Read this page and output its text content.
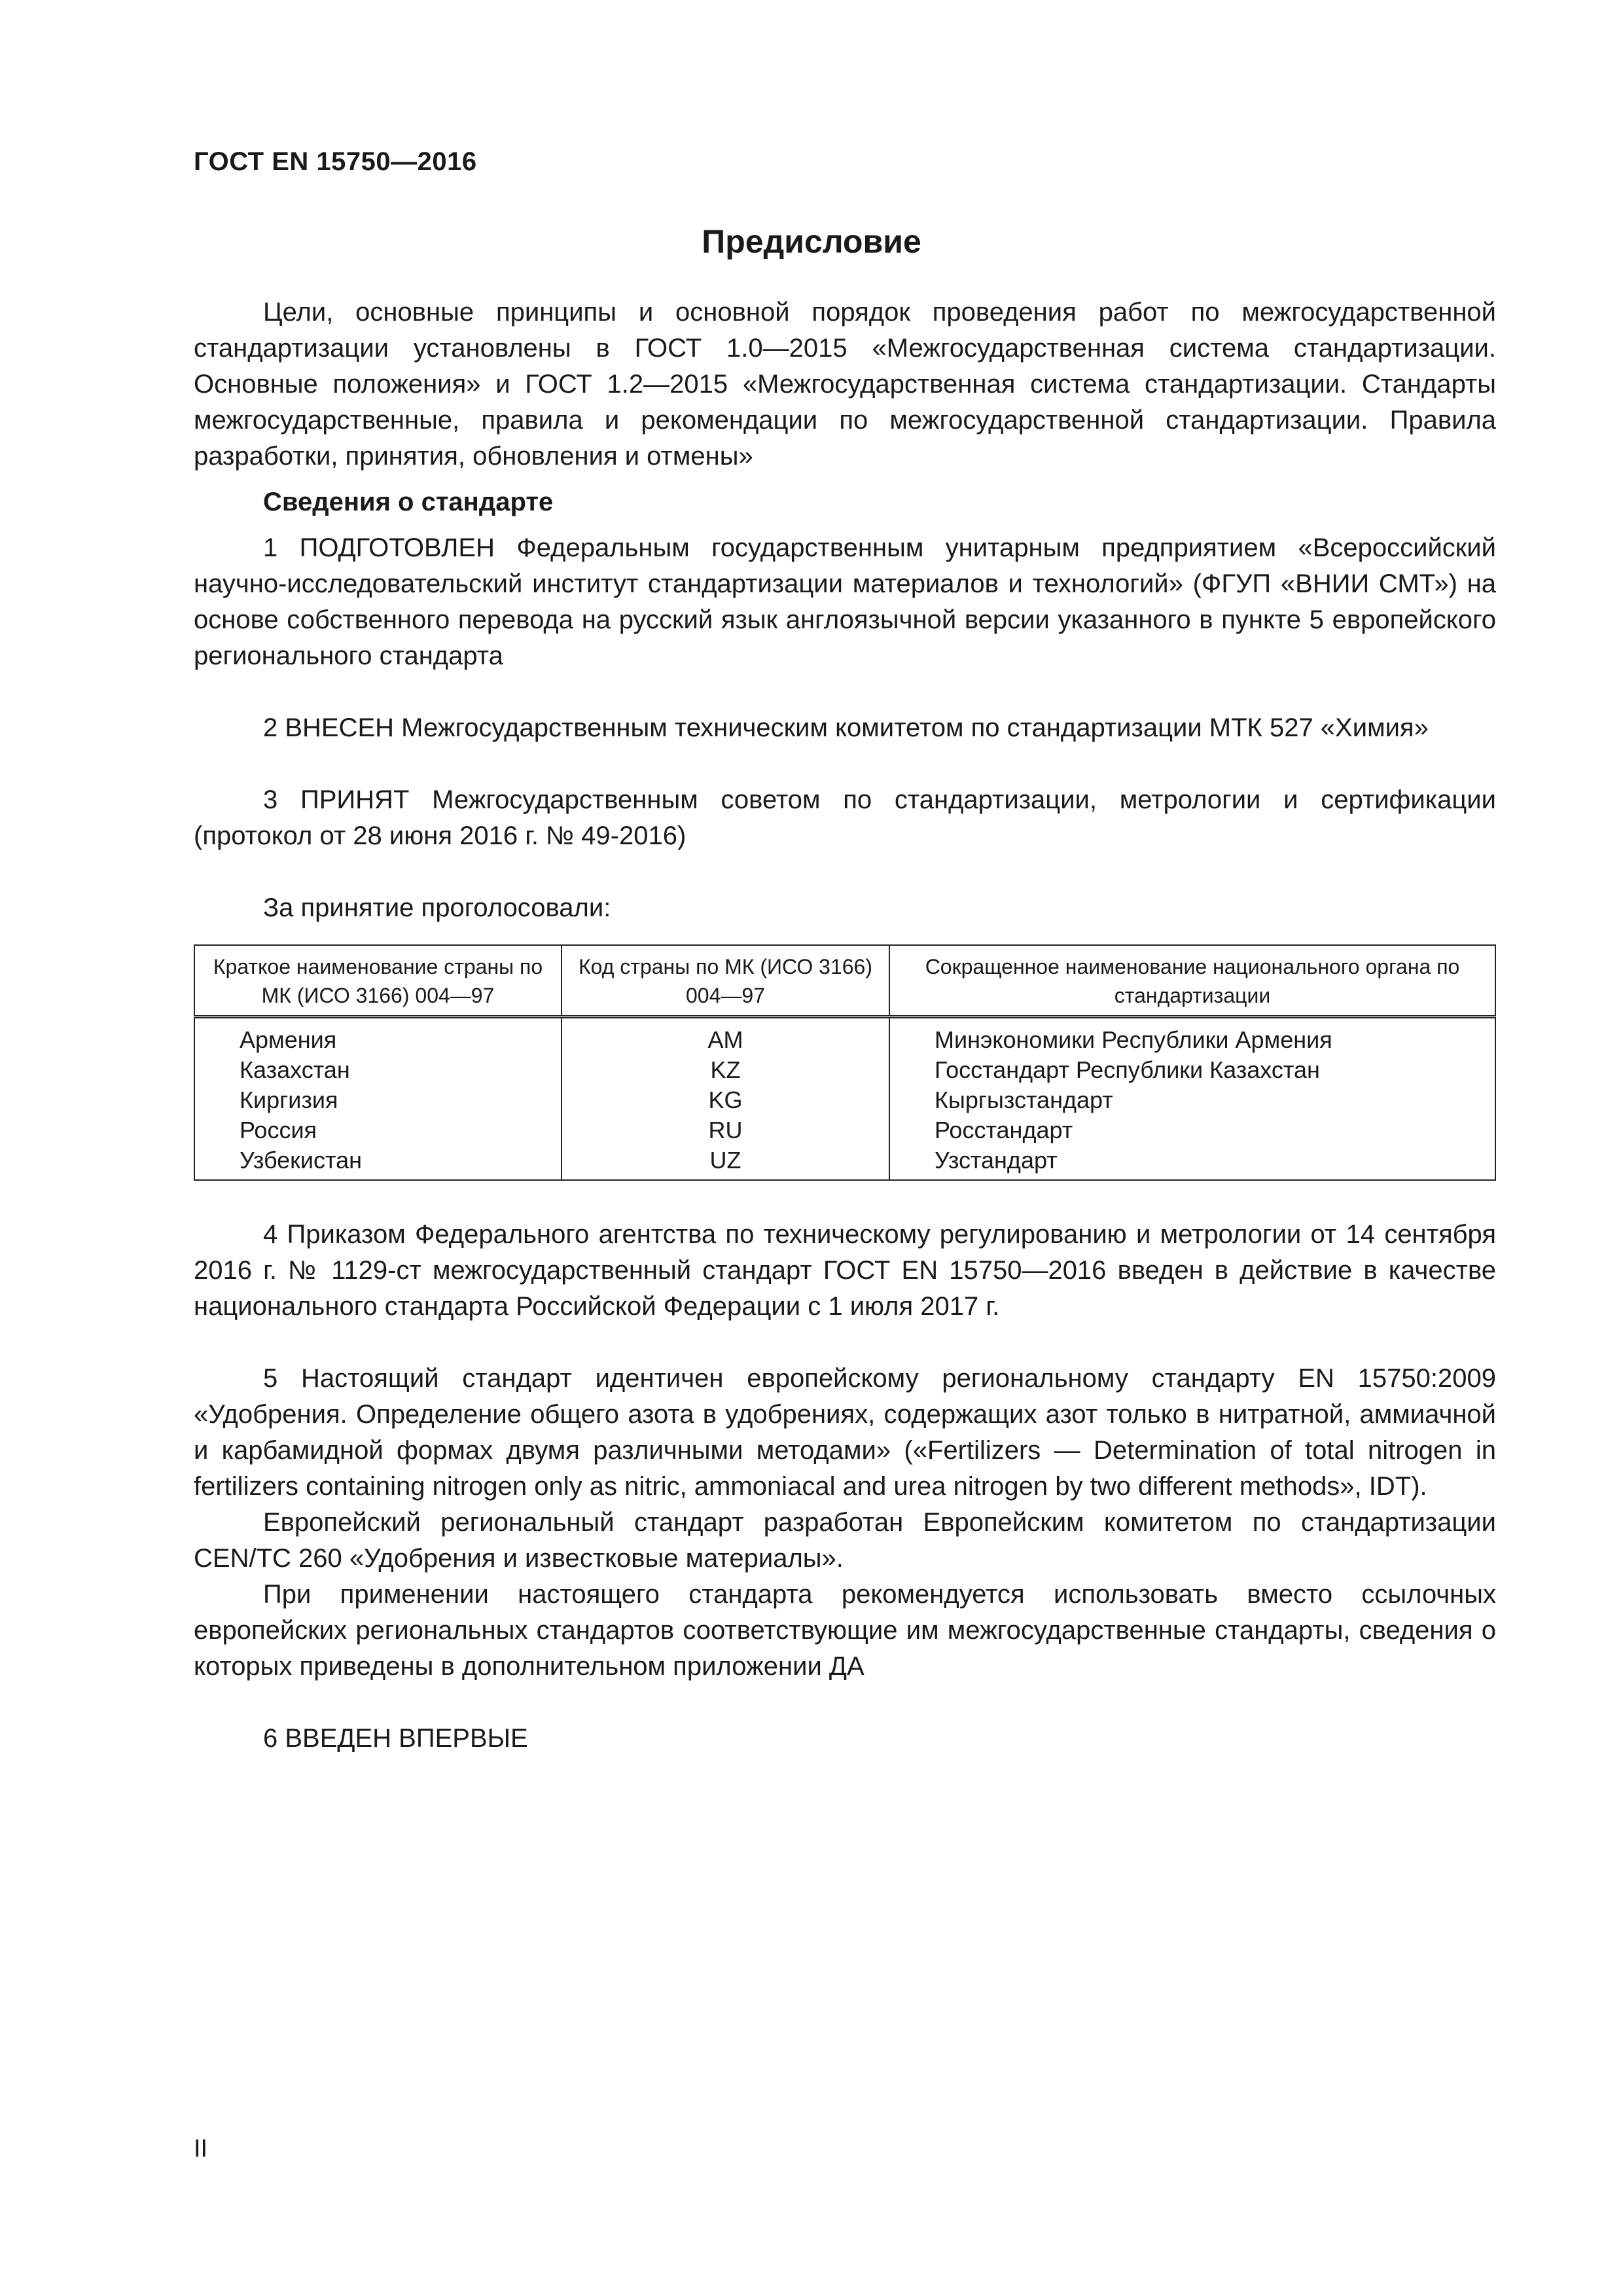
ГОСТ EN 15750—2016
Предисловие

Цели, основные принципы и основной порядок проведения работ по межгосударственной стандартизации установлены в ГОСТ 1.0—2015 «Межгосударственная система стандартизации. Основные положения» и ГОСТ 1.2—2015 «Межгосударственная система стандартизации. Стандарты межгосударственные, правила и рекомендации по межгосударственной стандартизации. Правила разработки, принятия, обновления и отмены»

Сведения о стандарте

1 ПОДГОТОВЛЕН Федеральным государственным унитарным предприятием «Всероссийский научно-исследовательский институт стандартизации материалов и технологий» (ФГУП «ВНИИ СМТ») на основе собственного перевода на русский язык англоязычной версии указанного в пункте 5 европейского регионального стандарта

2 ВНЕСЕН Межгосударственным техническим комитетом по стандартизации МТК 527 «Химия»

3 ПРИНЯТ Межгосударственным советом по стандартизации, метрологии и сертификации (протокол от 28 июня 2016 г. № 49-2016)

За принятие проголосовали:

Краткое наименование страны по МК (ИСО 3166) 004—97	Код страны по МК (ИСО 3166) 004—97	Сокращенное наименование национального органа по стандартизации
Армения	AM	Минэкономики Республики Армения
Казахстан	KZ	Госстандарт Республики Казахстан
Киргизия	KG	Кыргызстандарт
Россия	RU	Росстандарт
Узбекистан	UZ	Узстандарт

4 Приказом Федерального агентства по техническому регулированию и метрологии от 14 сентября 2016 г. № 1129-ст межгосударственный стандарт ГОСТ EN 15750—2016 введен в действие в качестве национального стандарта Российской Федерации с 1 июля 2017 г.

5 Настоящий стандарт идентичен европейскому региональному стандарту EN 15750:2009 «Удобрения. Определение общего азота в удобрениях, содержащих азот только в нитратной, аммиачной и карбамидной формах двумя различными методами» («Fertilizers — Determination of total nitrogen in fertilizers containing nitrogen only as nitric, ammoniacal and urea nitrogen by two different methods», IDT).

Европейский региональный стандарт разработан Европейским комитетом по стандартизации CEN/TC 260 «Удобрения и известковые материалы».

При применении настоящего стандарта рекомендуется использовать вместо ссылочных европейских региональных стандартов соответствующие им межгосударственные стандарты, сведения о которых приведены в дополнительном приложении ДА

6 ВВЕДЕН ВПЕРВЫЕ

II
